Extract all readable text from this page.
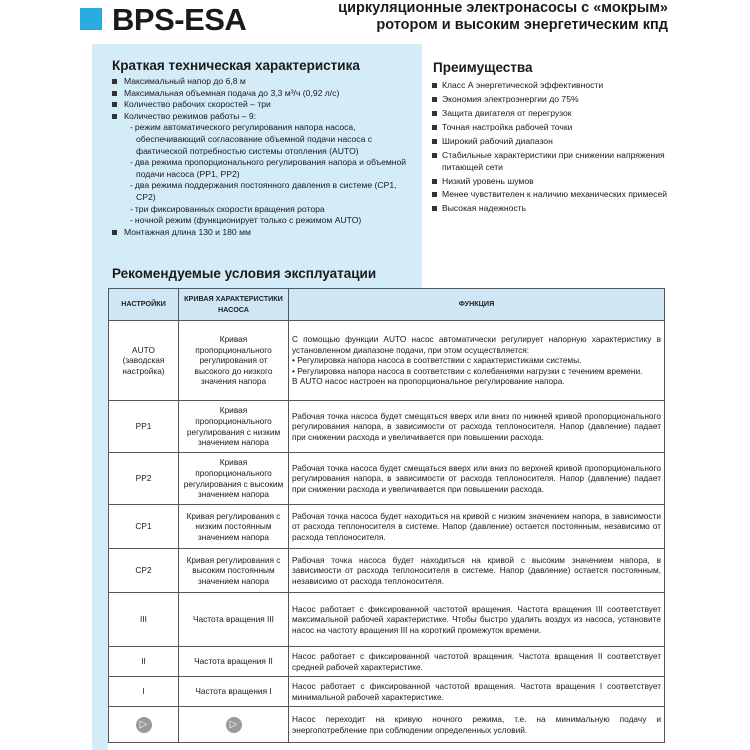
BPS-ESA	циркуляционные электронасосы с «мокрым»
ротором и высоким энергетическим кпд
Краткая техническая характеристика
Максимальный напор до 6,8 м
Максимальная объемная подача до 3,3 м³/ч (0,92 л/с)
Количество рабочих скоростей – три
Количество режимов работы – 9:
- режим автоматического регулирования напора насоса, обеспечивающий согласование объемной подачи насоса с фактической потребностью системы отопления (AUTO)
- два режима пропорционального регулирования напора и объемной подачи насоса (PP1, PP2)
- два режима поддержания постоянного давления в системе (CP1, CP2)
- три фиксированных скорости вращения ротора
- ночной режим (функционирует только с режимом AUTO)
Монтажная длина 130 и 180 мм
Преимущества
Класс А энергетической эффективности
Экономия электроэнергии до 75%
Защита двигателя от перегрузок
Точная настройка рабочей точки
Широкий рабочий диапазон
Стабильные характеристики при снижении напряжения питающей сети
Низкий уровень шумов
Менее чувствителен к наличию механических примесей
Высокая надежность
Рекомендуемые условия эксплуатации
НАСТРОЙКИ	КРИВАЯ ХАРАКТЕРИСТИКИ НАСОСА	ФУНКЦИЯ
AUTO (заводская настройка)	Кривая пропорционального регулирования от высокого до низкого значения напора	С помощью функции AUTO насос автоматически регулирует напорную характеристику в установленном диапазоне подачи, при этом осуществляется:
• Регулировка напора насоса в соответствии с характеристиками системы.
• Регулировка напора насоса в соответствии с колебаниями нагрузки с течением времени.
В AUTO насос настроен на пропорциональное регулирование напора.

PP1	Кривая пропорционального регулирования с низким значением напора	Рабочая точка насоса будет смещаться вверх или вниз по нижней кривой пропорционального регулирования напора, в зависимости от расхода теплоносителя. Напор (давление) падает при снижении расхода и увеличивается при повышении расхода.
PP2	Кривая пропорционального регулирования с высоким значением напора	Рабочая точка насоса будет смещаться вверх или вниз по верхней кривой пропорционального регулирования напора, в зависимости от расхода теплоносителя. Напор (давление) падает при снижении расхода и увеличивается при повышении расхода.
CP1	Кривая регулирования с низким постоянным значением напора	Рабочая точка насоса будет находиться на кривой с низким значением напора, в зависимости от расхода теплоносителя в системе. Напор (давление) остается постоянным, независимо от расхода теплоносителя.
CP2	Кривая регулирования с высоким постоянным значением напора	Рабочая точка насоса будет находиться на кривой с высоким значением напора, в зависимости от расхода теплоносителя в системе. Напор (давление) остается постоянным, независимо от расхода теплоносителя.
III	Частота вращения III	Насос работает с фиксированной частотой вращения. Частота вращения III соответствует максимальной рабочей характеристике. Чтобы быстро удалить воздух из насоса, установите насос на частоту вращения III на короткий промежуток времени.
II	Частота вращения II	Насос работает с фиксированной частотой вращения. Частота вращения II соответствует средней рабочей характеристике.
I	Частота вращения I	Насос работает с фиксированной частотой вращения. Частота вращения I соответствует минимальной рабочей характеристике.
▷	▷	Насос переходит на кривую ночного режима, т.е. на минимальную подачу и энергопотребление при соблюдении определенных условий.
